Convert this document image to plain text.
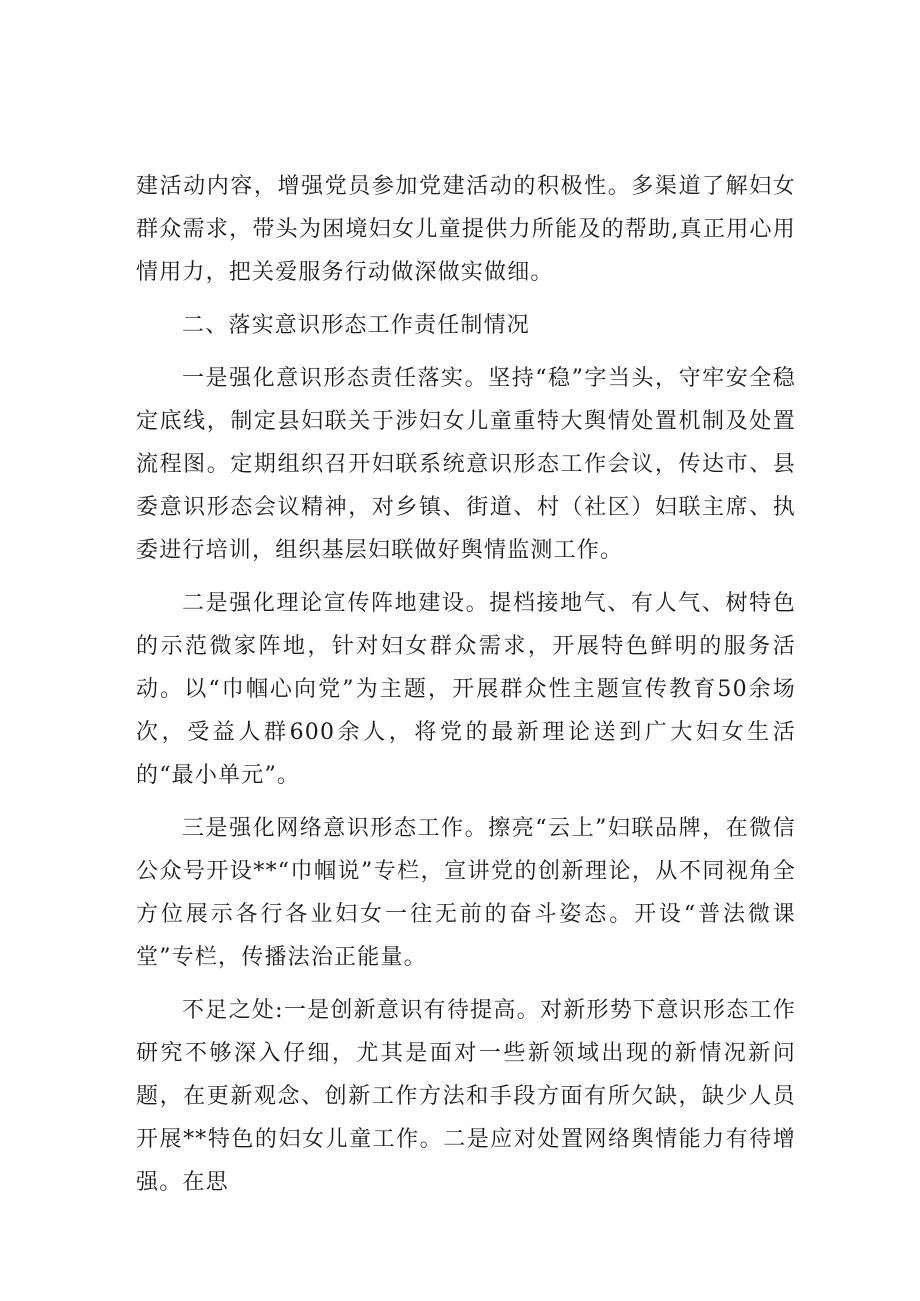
建活动内容，增强党员参加党建活动的积极性。多渠道了解妇女群众需求，带头为困境妇女儿童提供力所能及的帮助,真正用心用情用力，把关爱服务行动做深做实做细。

二、落实意识形态工作责任制情况

一是强化意识形态责任落实。坚持“稳”字当头，守牢安全稳定底线，制定县妇联关于涉妇女儿童重特大舆情处置机制及处置流程图。定期组织召开妇联系统意识形态工作会议，传达市、县委意识形态会议精神，对乡镇、街道、村（社区）妇联主席、执委进行培训，组织基层妇联做好舆情监测工作。

二是强化理论宣传阵地建设。提档接地气、有人气、树特色的示范微家阵地，针对妇女群众需求，开展特色鲜明的服务活动。以“巾帼心向党”为主题，开展群众性主题宣传教育50余场次，受益人群600余人，将党的最新理论送到广大妇女生活的“最小单元”。

三是强化网络意识形态工作。擦亮“云上”妇联品牌，在微信公众号开设**“巾帼说”专栏，宣讲党的创新理论，从不同视角全方位展示各行各业妇女一往无前的奋斗姿态。开设“普法微课堂”专栏，传播法治正能量。

不足之处:一是创新意识有待提高。对新形势下意识形态工作研究不够深入仔细，尤其是面对一些新领域出现的新情况新问题，在更新观念、创新工作方法和手段方面有所欠缺，缺少人员开展**特色的妇女儿童工作。二是应对处置网络舆情能力有待增强。在思
